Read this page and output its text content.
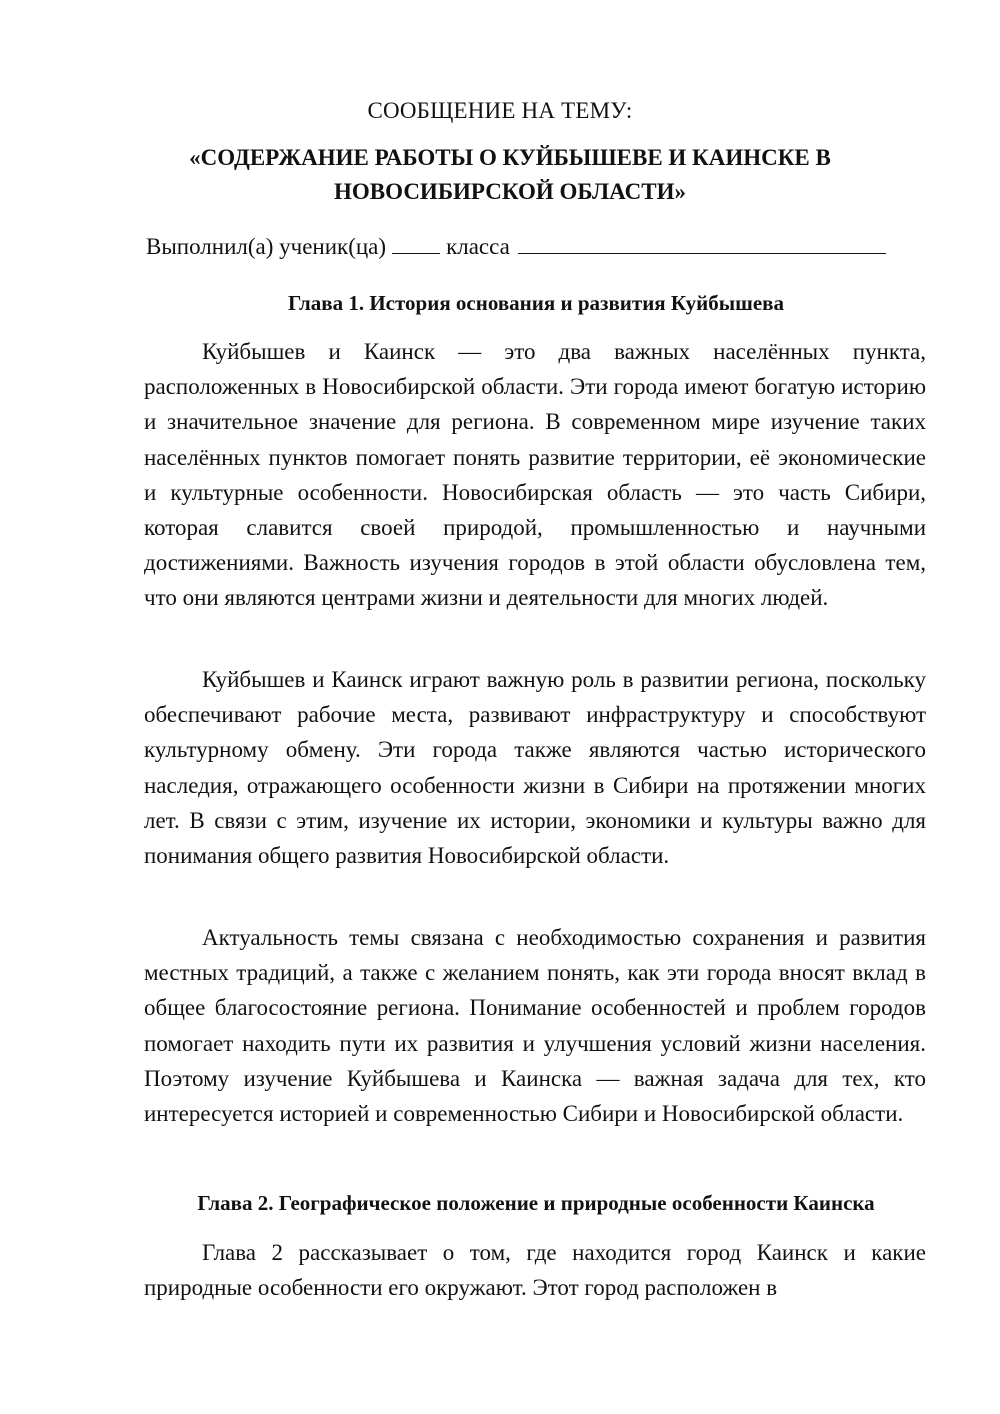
СООБЩЕНИЕ НА ТЕМУ:
«СОДЕРЖАНИЕ РАБОТЫ О КУЙБЫШЕВЕ И КАИНСКЕ В
НОВОСИБИРСКОЙ ОБЛАСТИ»
Выполнил(а) ученик(ца)	класса
Глава 1. История основания и развития Куйбышева

Куйбышев и Каинск — это два важных населённых пункта, расположенных в Новосибирской области. Эти города имеют богатую историю и значительное значение для региона. В современном мире изучение таких населённых пунктов помогает понять развитие территории, её экономические и культурные особенности. Новосибирская область — это часть Сибири, которая славится своей природой, промышленностью и научными достижениями. Важность изучения городов в этой области обусловлена тем, что они являются центрами жизни и деятельности для многих людей.

Куйбышев и Каинск играют важную роль в развитии региона, поскольку обеспечивают рабочие места, развивают инфраструктуру и способствуют культурному обмену. Эти города также являются частью исторического наследия, отражающего особенности жизни в Сибири на протяжении многих лет. В связи с этим, изучение их истории, экономики и культуры важно для понимания общего развития Новосибирской области.

Актуальность темы связана с необходимостью сохранения и развития местных традиций, а также с желанием понять, как эти города вносят вклад в общее благосостояние региона. Понимание особенностей и проблем городов помогает находить пути их развития и улучшения условий жизни населения. Поэтому изучение Куйбышева и Каинска — важная задача для тех, кто интересуется историей и современностью Сибири и Новосибирской области.

Глава 2. Географическое положение и природные особенности Каинска

Глава 2 рассказывает о том, где находится город Каинск и какие природные особенности его окружают. Этот город расположен в
